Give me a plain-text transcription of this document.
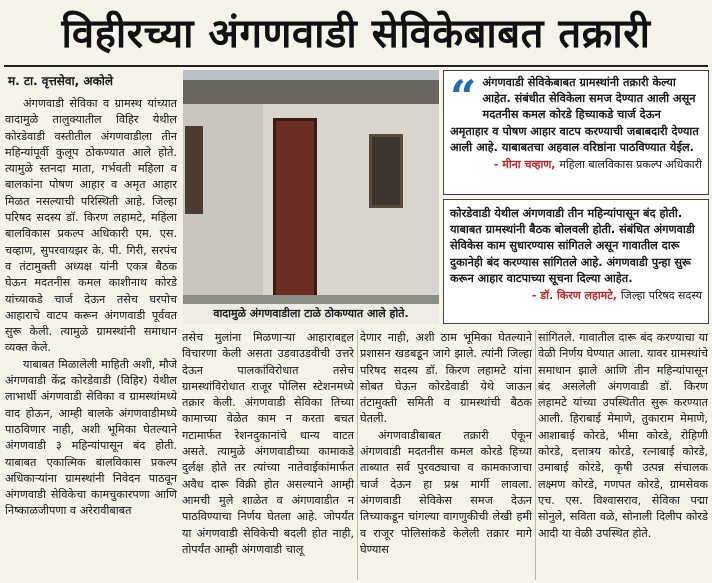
विहीरच्या अंगणवाडी सेविकेबाबत तक्रारी
म. टा. वृत्तसेवा, अकोले

अंगणवाडी सेविका व ग्रामस्थ यांच्यात वादामुळे तालुक्यातील विहिर येथील कोरडेवाडी वस्तीतील अंगणवाडीला तीन महिन्यांपूर्वी कुलूप ठोकण्यात आले होते. त्यामुळे स्तनदा माता, गर्भवती महिला व बालकांना पोषण आहार व अमृत आहार मिळत नसल्याची परिस्थिती आहे. जिल्हा परिषद सदस्य डॉ. किरण लहामटे, महिला बालविकास प्रकल्प अधिकारी एम. एस. चव्हाण, सुपरवायझर के. पी. गिरी, सरपंच व तंटामुक्ती अध्यक्ष यांनी एकत्र बैठक घेऊन मदतनीस कमल काशीनाथ कोरडे यांच्याकडे चार्ज देऊन तसेच घरपोच आहाराचे वाटप करून अंगणवाडी पूर्ववत सुरू केली. त्यामुळे ग्रामस्थांनी समाधान व्यक्त केले.

याबाबत मिळालेली माहिती अशी, मौजे अंगणवाडी केंद्र कोरडेवाडी (विहिर) येथील लाभार्थी अंगणवाडी सेविका व ग्रामस्थांमध्ये वाद होऊन, आम्ही बालके अंगणवाडीमध्ये पाठविणार नाही, अशी भूमिका घेतल्याने अंगणवाडी ३ महिन्यांपासून बंद होती. याबाबत एकात्मिक बालविकास प्रकल्प अधिकाऱ्यांना ग्रामस्थांनी निवेदन पाठवून अंगणवाडी सेविकेचा कामचुकारपणा आणि निष्काळजीपणा व अरेरावीबाबत

वादामुळे अंगणवाडीला टाळे ठोकण्यात आले होते.
“ अंगणवाडी सेविकेबाबत ग्रामस्थांनी तक्रारी केल्या आहेत. संबंधीत सेविकेला समज देण्यात आली असून मदतनीस कमल कोरडे हिच्याकडे चार्ज देऊन अमृताहार व पोषण आहार वाटप करण्याची जबाबदारी देण्यात आली आहे. याबाबतचा अहवाल वरिष्ठांना पाठविण्यात येईल.
- मीना चव्हाण, महिला बालविकास प्रकल्प अधिकारी
कोरडेवाडी येथील अंगणवाडी तीन महिन्यांपासून बंद होती. याबाबत ग्रामस्थांनी बैठक बोलवली होती. संबंधित अंगणवाडी सेविकेस काम सुधारण्यास सांगितले असून गावातील दारू दुकानेही बंद करण्यास सांगितले आहे. अंगणवाडी पुन्हा सुरू करून आहार वाटपाच्या सूचना दिल्या आहेत.
- डॉ. किरण लहामटे, जिल्हा परिषद सदस्य

तसेच मुलांना मिळणाऱ्या आहाराबद्दल विचारणा केली असता उडवाउडवीची उत्तरे देऊन पालकांविरोधात तसेच ग्रामस्थांविरोधात राजूर पोलिस स्टेशनमध्ये तक्रार केली. अंगणवाडी सेविका तिच्या कामाच्या वेळेत काम न करता बचत गटामार्फत रेशनदुकानांचे धान्य वाटत असते. त्यामुळे अंगणवाडीच्या कामाकडे दुर्लक्ष होते तर त्यांच्या नातेवाईकांमार्फत अवैध दारू विक्री होत असल्याने आम्ही आमची मुले शाळेत व अंगणवाडीत न पाठविण्याचा निर्णय घेतला आहे. जोपर्यंत या अंगणवाडी सेविकेची बदली होत नाही, तोपर्यंत आम्ही अंगणवाडी चालू

देणार नाही, अशी ठाम भूमिका घेतल्याने प्रशासन खडबडून जागे झाले. त्यांनी जिल्हा परिषद सदस्य डॉ. किरण लहामटे यांना सोबत घेऊन कोरडेवाडी येथे जाऊन तंटामुक्ती समिती व ग्रामस्थांची बैठक घेतली.

अंगणवाडीबाबत तक्रारी ऐकून अंगणवाडी मदतनीस कमल कोरडे हिच्या ताब्यात सर्व पुरवठ्याचा व कामकाजाचा चार्ज देऊन हा प्रश्न मार्गी लावला. अंगणवाडी सेविकेस समज देऊन तिच्याकडून चांगल्या वागणुकीची लेखी हमी व राजूर पोलिसांकडे केलेली तक्रार मागे घेण्यास

सांगितले. गावातील दारू बंद करण्याचा या वेळी निर्णय घेण्यात आला. यावर ग्रामस्थांचे समाधान झाले आणि तीन महिन्यांपासून बंद असलेली अंगणवाडी डॉ. किरण लहामटे यांच्या उपस्थितीत सुरू करण्यात आली. हिराबाई मेमाणे, तुकाराम मेमाणे, आशाबाई कोरडे, भीमा कोरडे, रोहिणी कोरडे, दत्तात्रय कोरडे, रत्नाबाई कोरडे, उमाबाई कोरडे, कृषी उत्पन्न संचालक लक्ष्मण कोरडे, गणपत कोरडे, ग्रामसेवक एच. एस. विश्वासराव, सेविका पद्मा सोनुले, सविता वळे, सोनाली दिलीप कोरडे आदी या वेळी उपस्थित होते.
